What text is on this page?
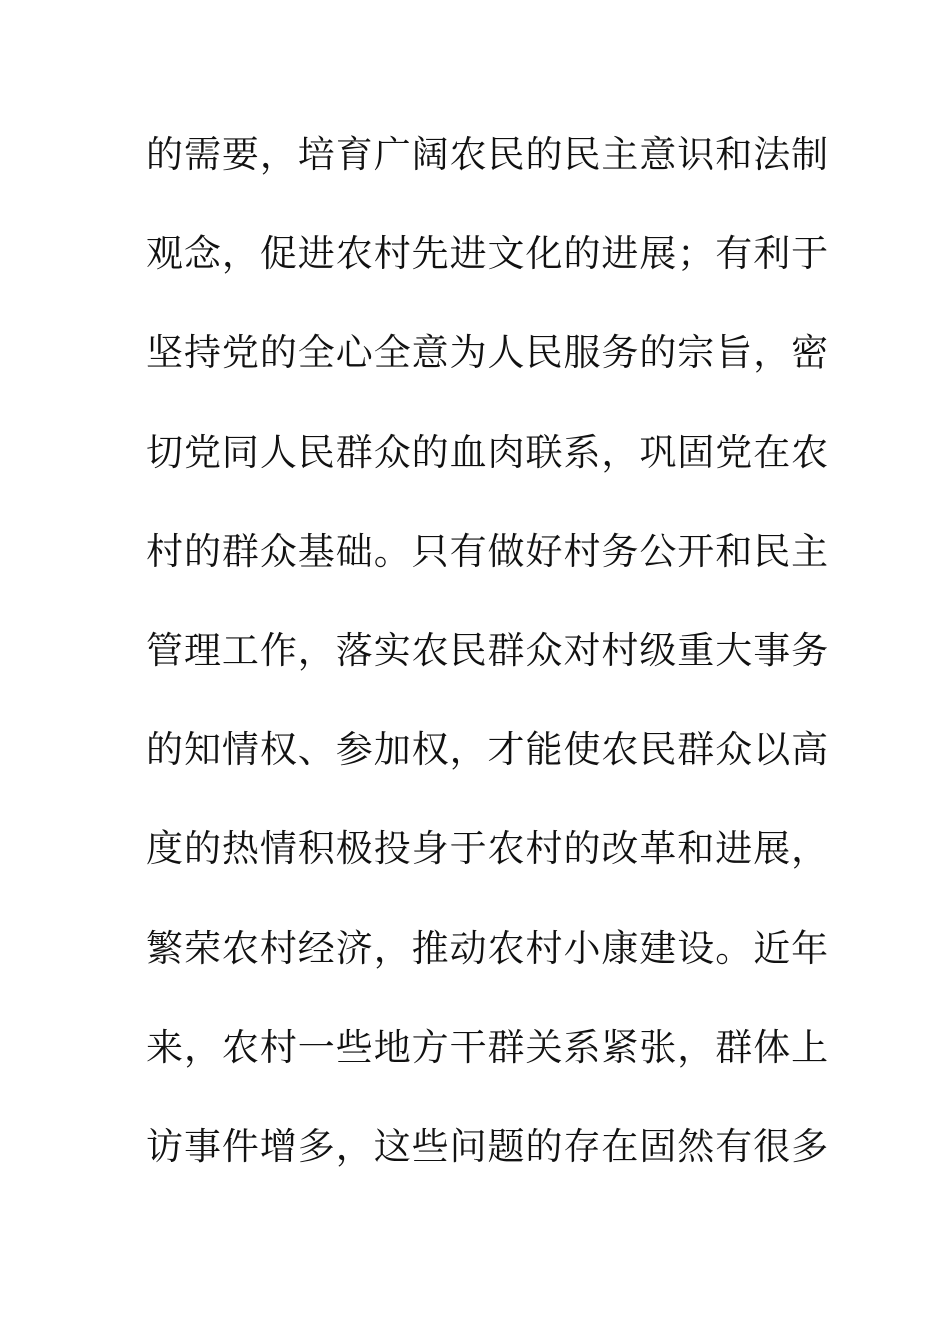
的需要，培育广阔农民的民主意识和法制
观念，促进农村先进文化的进展；有利于
坚持党的全心全意为人民服务的宗旨，密
切党同人民群众的血肉联系，巩固党在农
村的群众基础。只有做好村务公开和民主
管理工作，落实农民群众对村级重大事务
的知情权、参加权，才能使农民群众以高
度的热情积极投身于农村的改革和进展，
繁荣农村经济，推动农村小康建设。近年
来，农村一些地方干群关系紧张，群体上
访事件增多，这些问题的存在固然有很多
